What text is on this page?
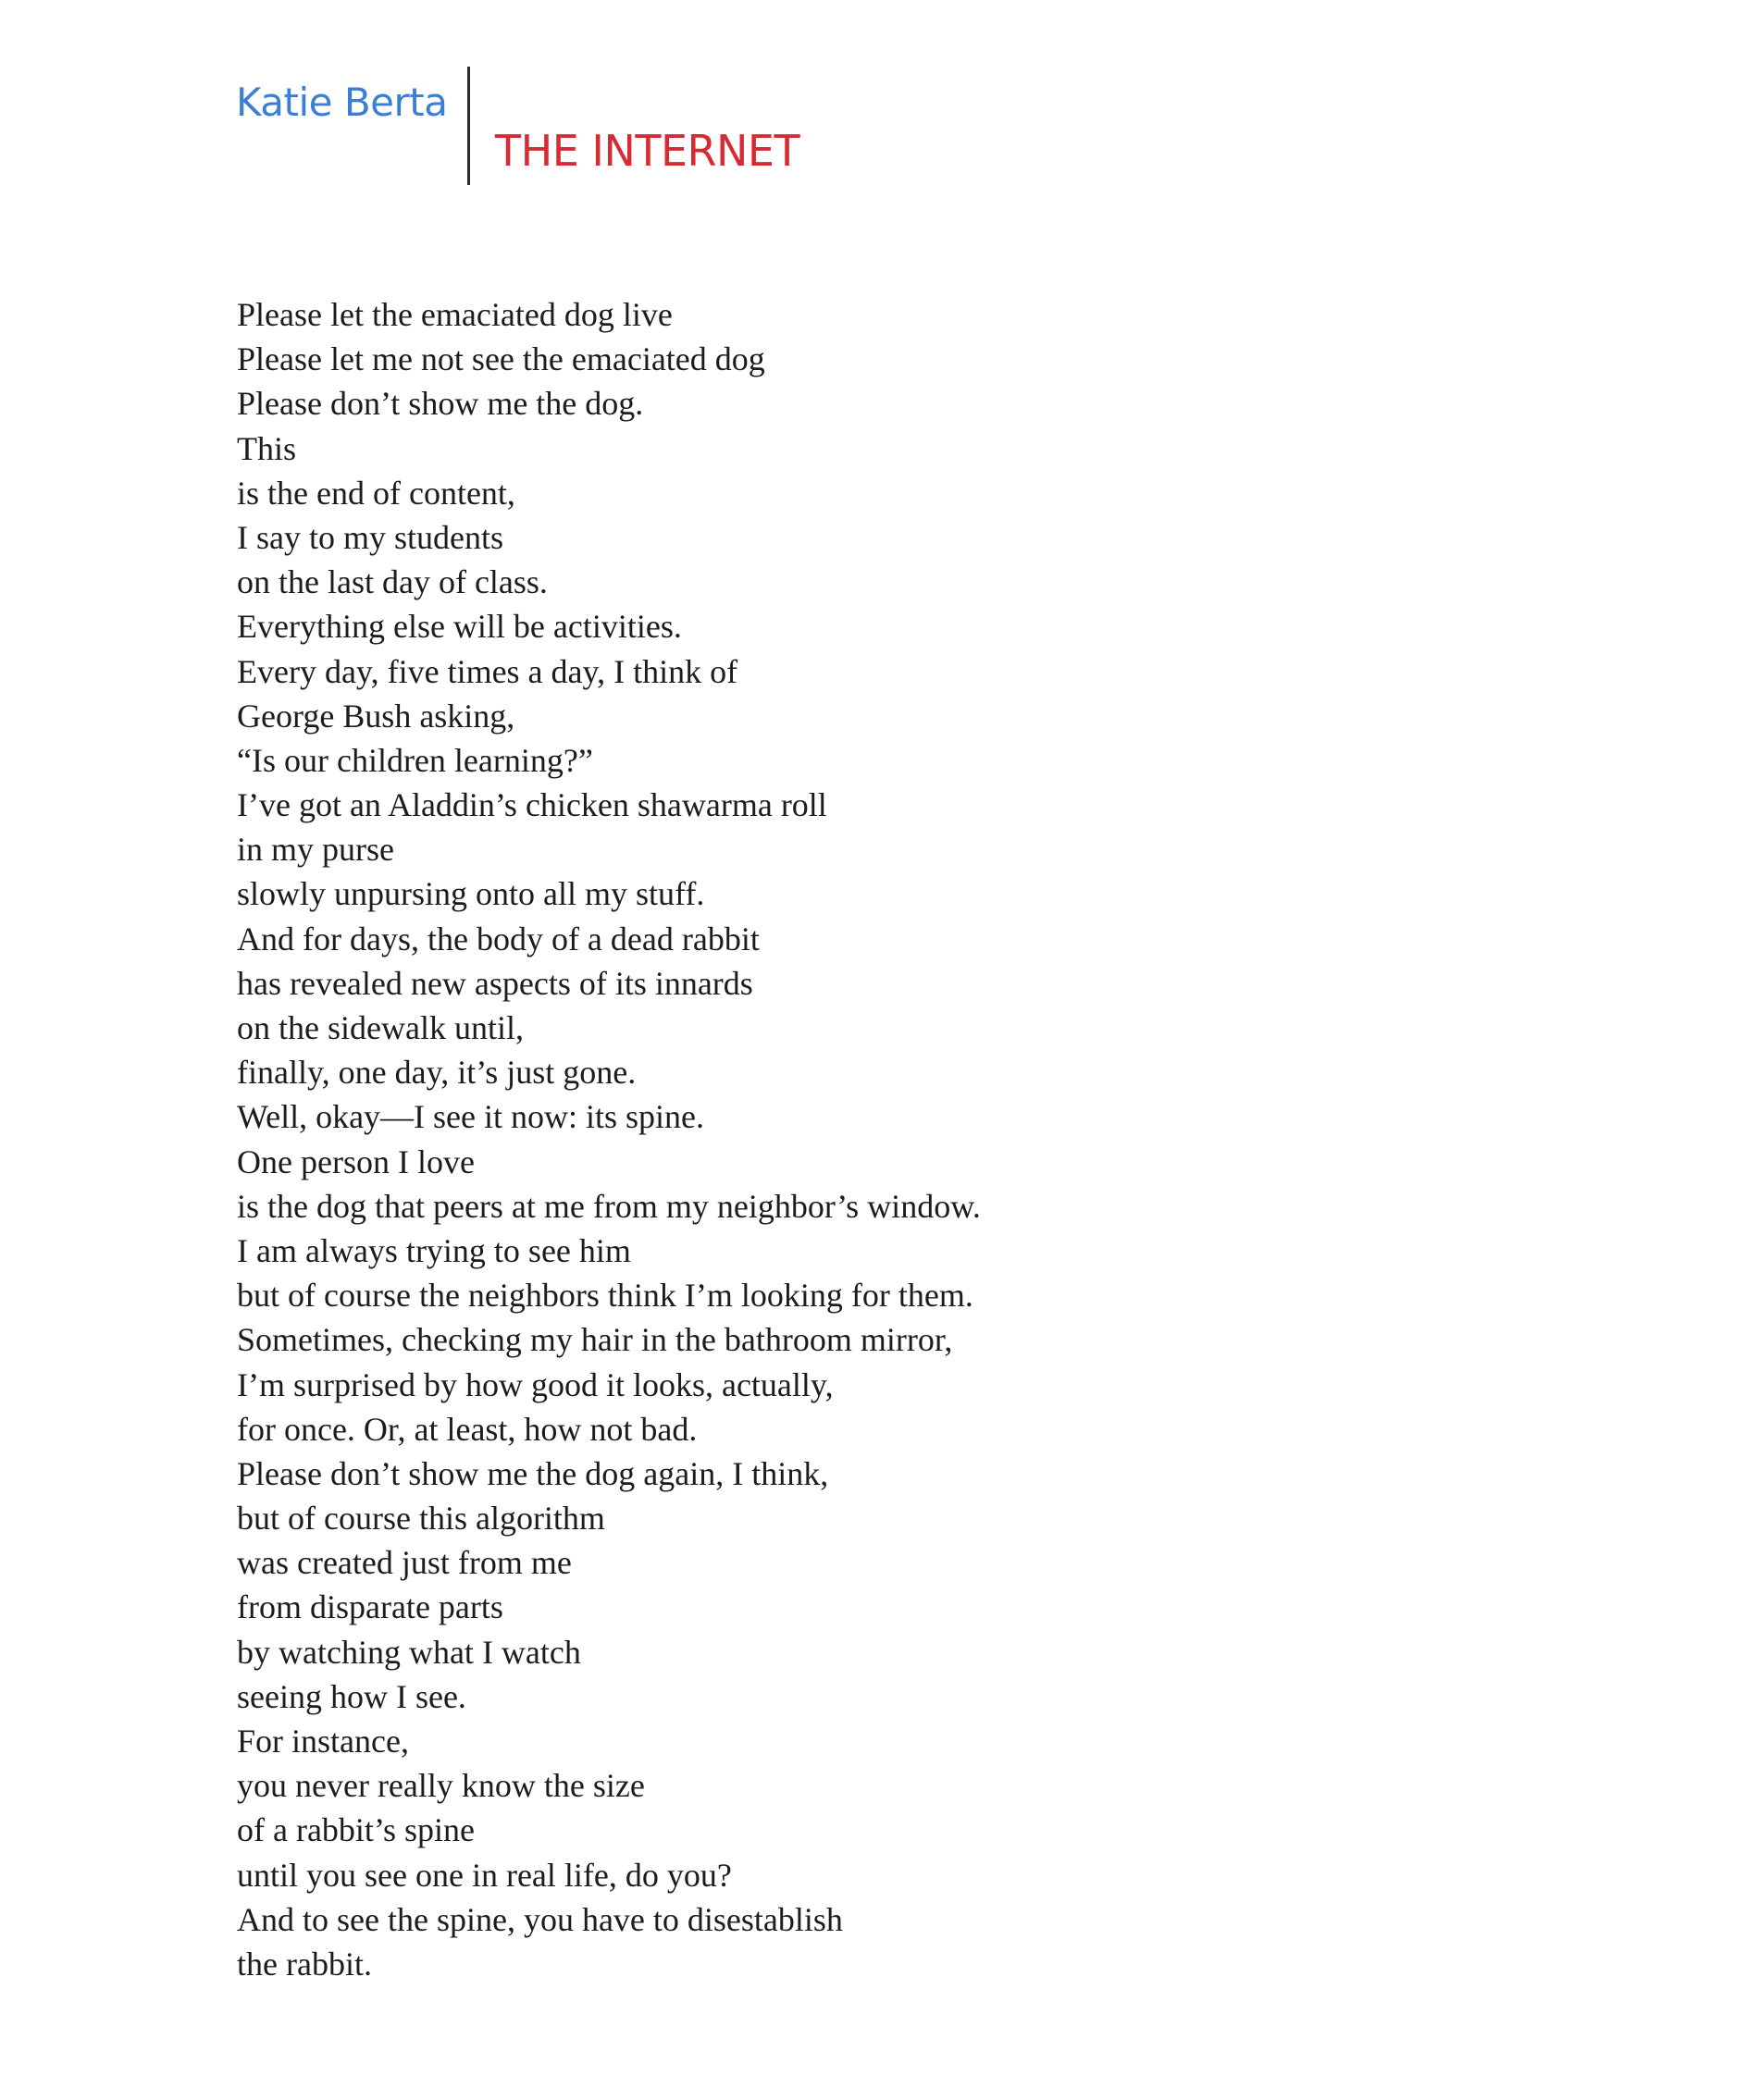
Katie Berta
THE INTERNET
Please let the emaciated dog live
Please let me not see the emaciated dog
Please don’t show me the dog.
This
is the end of content,
I say to my students
on the last day of class.
Everything else will be activities.
Every day, five times a day, I think of
George Bush asking,
“Is our children learning?”
I’ve got an Aladdin’s chicken shawarma roll
in my purse
slowly unpursing onto all my stuff.
And for days, the body of a dead rabbit
has revealed new aspects of its innards
on the sidewalk until,
finally, one day, it’s just gone.
Well, okay—I see it now: its spine.
One person I love
is the dog that peers at me from my neighbor’s window.
I am always trying to see him
but of course the neighbors think I’m looking for them.
Sometimes, checking my hair in the bathroom mirror,
I’m surprised by how good it looks, actually,
for once. Or, at least, how not bad.
Please don’t show me the dog again, I think,
but of course this algorithm
was created just from me
from disparate parts
by watching what I watch
seeing how I see.
For instance,
you never really know the size
of a rabbit’s spine
until you see one in real life, do you?
And to see the spine, you have to disestablish
the rabbit.
